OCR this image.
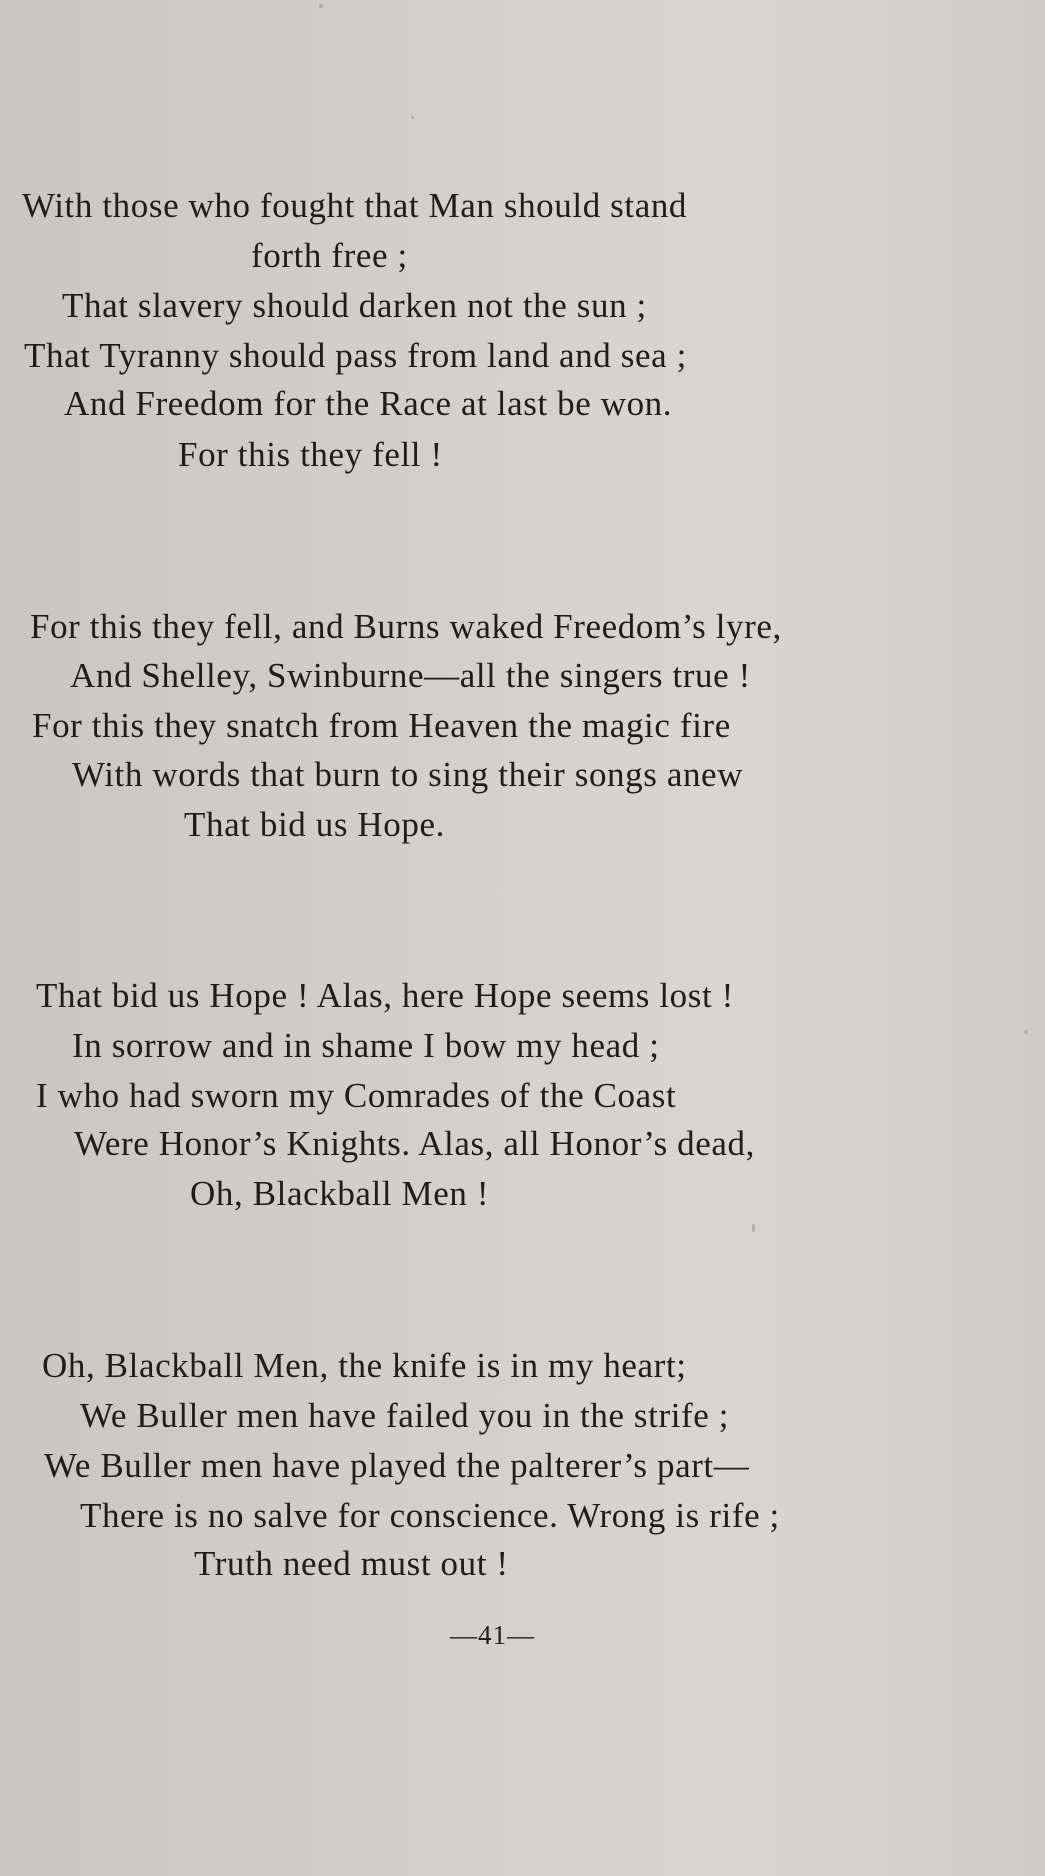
With those who fought that Man should stand
forth free ;
That slavery should darken not the sun ;
That Tyranny should pass from land and sea ;
And Freedom for the Race at last be won.
For this they fell !
For this they fell, and Burns waked Freedom’s lyre,
And Shelley, Swinburne—all the singers true !
For this they snatch from Heaven the magic fire
With words that burn to sing their songs anew
That bid us Hope.
That bid us Hope ! Alas, here Hope seems lost !
In sorrow and in shame I bow my head ;
I who had sworn my Comrades of the Coast
Were Honor’s Knights. Alas, all Honor’s dead,
Oh, Blackball Men !
Oh, Blackball Men, the knife is in my heart;
We Buller men have failed you in the strife ;
We Buller men have played the palterer’s part—
There is no salve for conscience. Wrong is rife ;
Truth need must out !
—41—
